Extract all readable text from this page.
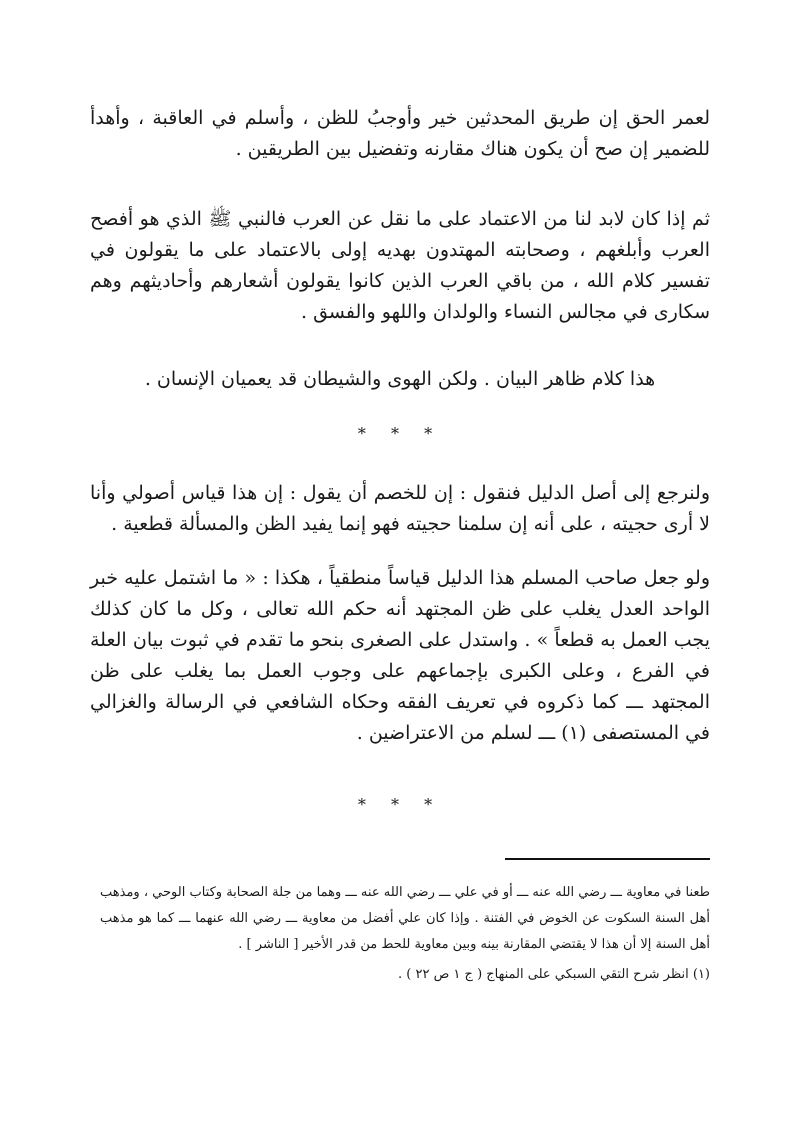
لعمر الحق إن طريق المحدثين خير وأوجبُ للظن ، وأسلم في العاقبة ، وأهدأ للضمير إن صح أن يكون هناك مقارنه وتفضيل بين الطريقين .

ثم إذا كان لابد لنا من الاعتماد على ما نقل عن العرب فالنبي ﷺ الذي هو أفصح العرب وأبلغهم ، وصحابته المهتدون بهديه إولى بالاعتماد على ما يقولون في تفسير كلام الله ، من باقي العرب الذين كانوا يقولون أشعارهم وأحاديثهم وهم سكارى في مجالس النساء والولدان واللهو والفسق .

هذا كلام ظاهر البيان . ولكن الهوى والشيطان قد يعميان الإنسان .

* * *

ولنرجع إلى أصل الدليل فنقول : إن للخصم أن يقول : إن هذا قياس أصولي وأنا لا أرى حجيته ، على أنه إن سلمنا حجيته فهو إنما يفيد الظن والمسألة قطعية .

ولو جعل صاحب المسلم هذا الدليل قياساً منطقياً ، هكذا : « ما اشتمل عليه خبر الواحد العدل يغلب على ظن المجتهد أنه حكم الله تعالى ، وكل ما كان كذلك يجب العمل به قطعاً » . واستدل على الصغرى بنحو ما تقدم في ثبوت بيان العلة في الفرع ، وعلى الكبرى بإجماعهم على وجوب العمل بما يغلب على ظن المجتهد ـــ كما ذكروه في تعريف الفقه وحكاه الشافعي في الرسالة والغزالي في المستصفى (١) ـــ لسلم من الاعتراضين .

* * *

طعنا في معاوية ـــ رضي الله عنه ـــ أو في علي ـــ رضي الله عنه ـــ وهما من جلة الصحابة وكتاب الوحي ، ومذهب أهل السنة السكوت عن الخوض في الفتنة . وإذا كان علي أفضل من معاوية ـــ رضي الله عنهما ـــ كما هو مذهب أهل السنة إلا أن هذا لا يقتضي المقارنة بينه وبين معاوية للحط من قدر الأخير [ الناشر ] .

(١) انظر شرح التقي السبكي على المنهاج ( ج ١ ص ٢٢ ) .
